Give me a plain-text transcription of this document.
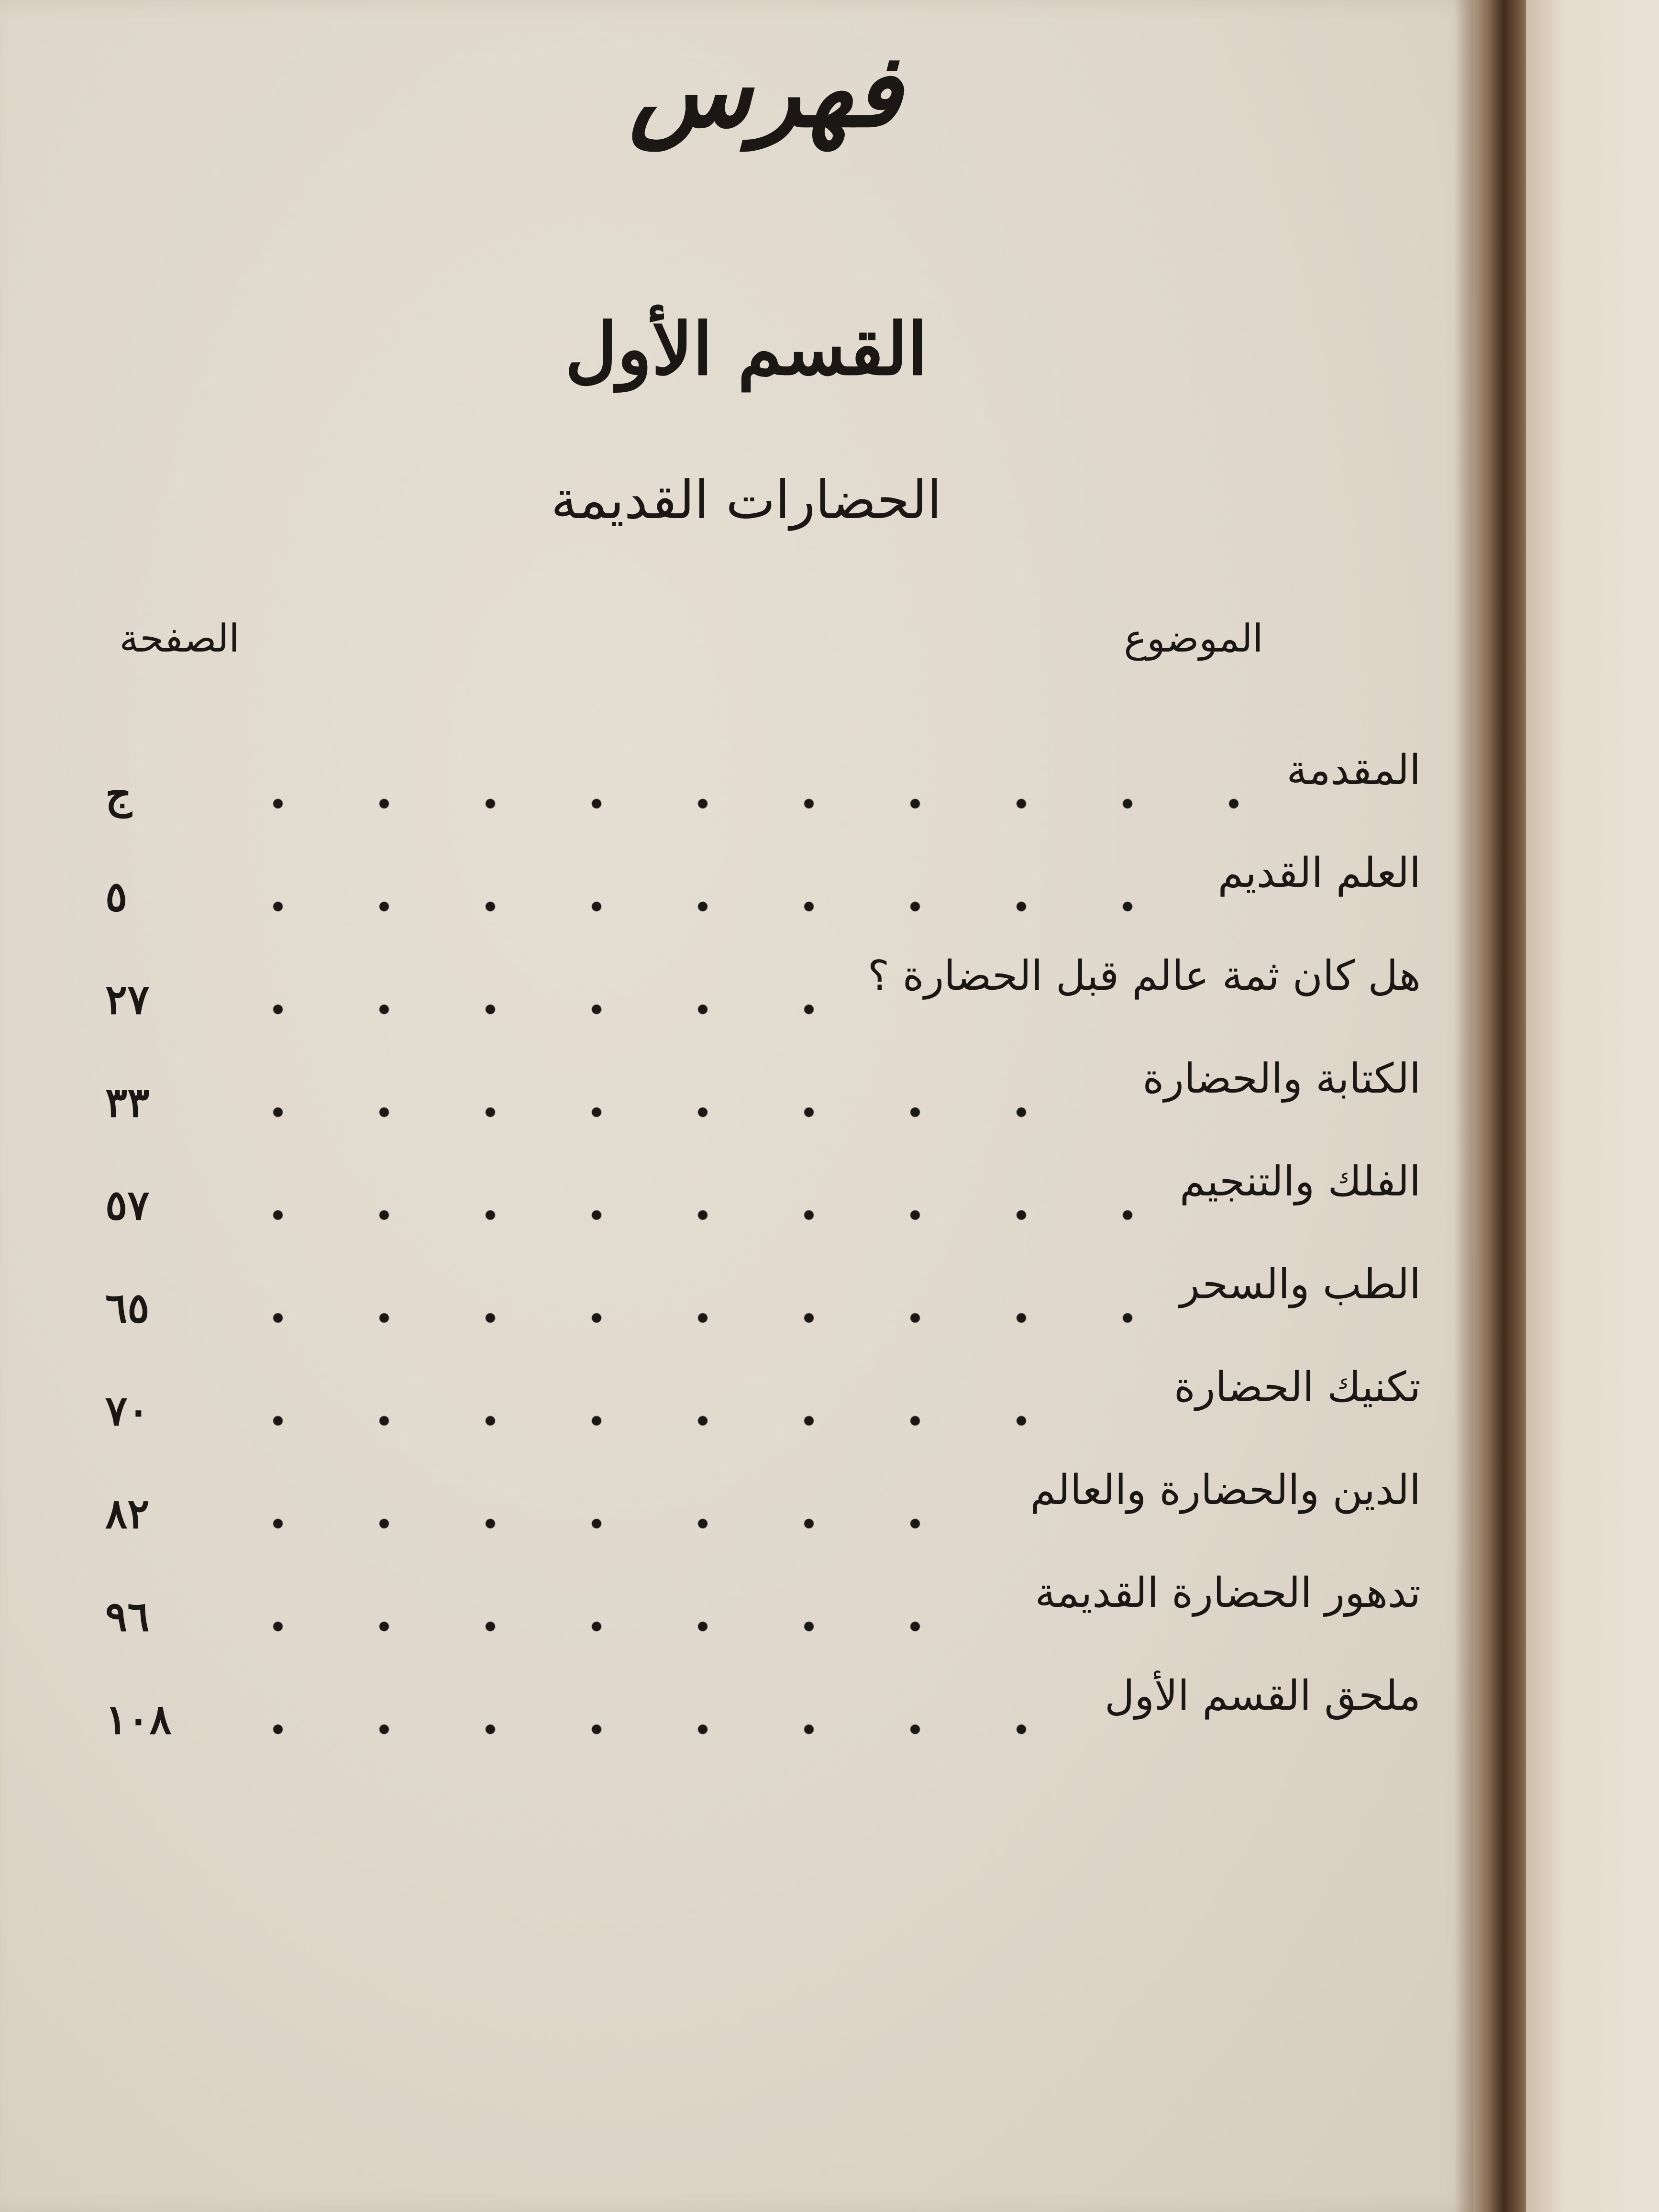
فهرس
القسم الأول
الحضارات القديمة
الموضوع
الصفحة
المقدمة
ج
العلم القديم
٥
هل كان ثمة عالم قبل الحضارة ؟
٢٧
الكتابة والحضارة
٣٣
الفلك والتنجيم
٥٧
الطب والسحر
٦٥
تكنيك الحضارة
٧٠
الدين والحضارة والعالم
٨٢
تدهور الحضارة القديمة
٩٦
ملحق القسم الأول
١٠٨
